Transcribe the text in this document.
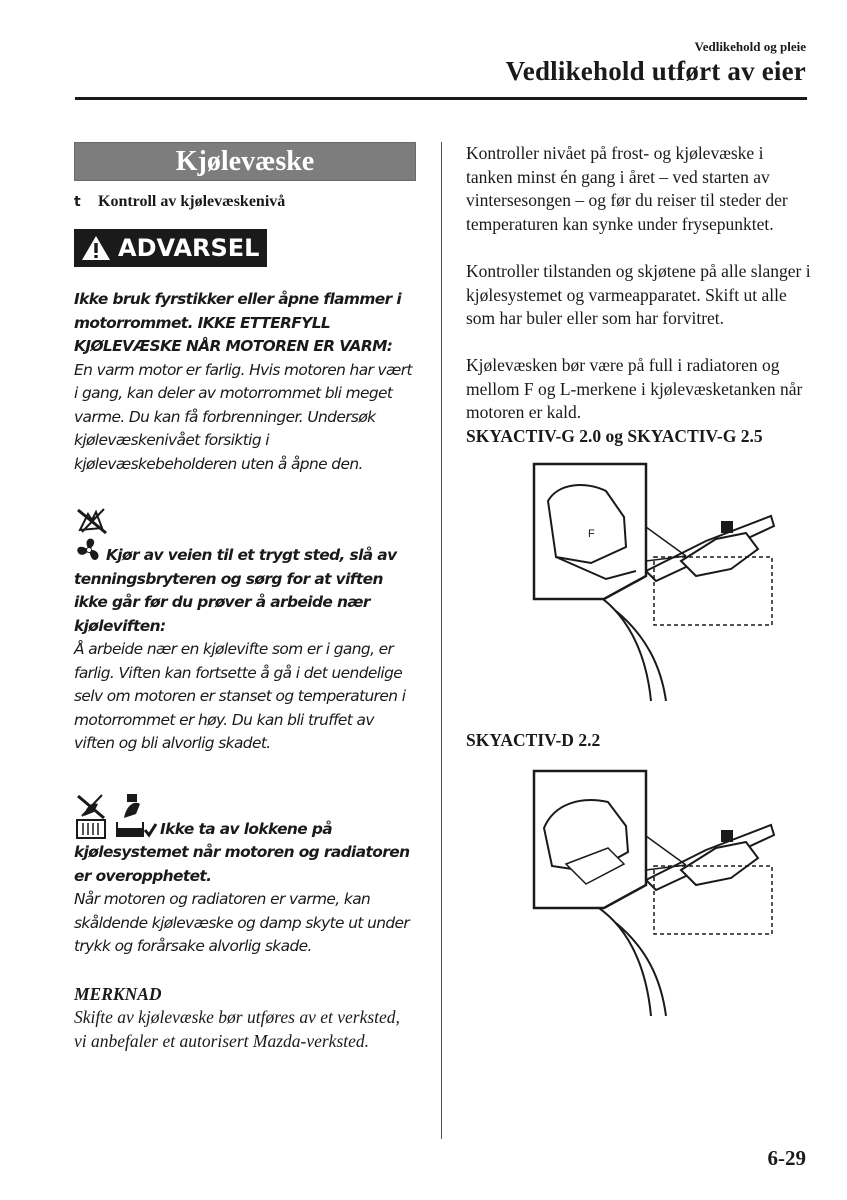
Vedlikehold og pleie
Vedlikehold utført av eier
Kjølevæske
t	Kontroll av kjølevæskenivå
ADVARSEL
Ikke bruk fyrstikker eller åpne flammer i motorrommet. IKKE ETTERFYLL KJØLEVÆSKE NÅR MOTOREN ER VARM:
En varm motor er farlig. Hvis motoren har vært i gang, kan deler av motorrommet bli meget varme. Du kan få forbrenninger. Undersøk kjølevæskenivået forsiktig i kjølevæskebeholderen uten å åpne den.
Kjør av veien til et trygt sted, slå av tenningsbryteren og sørg for at viften ikke går før du prøver å arbeide nær kjøleviften:
Å arbeide nær en kjølevifte som er i gang, er farlig. Viften kan fortsette å gå i det uendelige selv om motoren er stanset og temperaturen i motorrommet er høy. Du kan bli truffet av viften og bli alvorlig skadet.
Ikke ta av lokkene på kjølesystemet når motoren og radiatoren er overopphetet.
Når motoren og radiatoren er varme, kan skåldende kjølevæske og damp skyte ut under trykk og forårsake alvorlig skade.
MERKNAD
Skifte av kjølevæske bør utføres av et verksted, vi anbefaler et autorisert Mazda-verksted.

Kontroller nivået på frost- og kjølevæske i tanken minst én gang i året – ved starten av vintersesongen – og før du reiser til steder der temperaturen kan synke under frysepunktet.

Kontroller tilstanden og skjøtene på alle slanger i kjølesystemet og varmeapparatet. Skift ut alle som har buler eller som har forvitret.

Kjølevæsken bør være på full i radiatoren og mellom F og L-merkene i kjølevæsketanken når motoren er kald.

SKYACTIV-G 2.0 og SKYACTIV-G 2.5
F
SKYACTIV-D 2.2
6-29
